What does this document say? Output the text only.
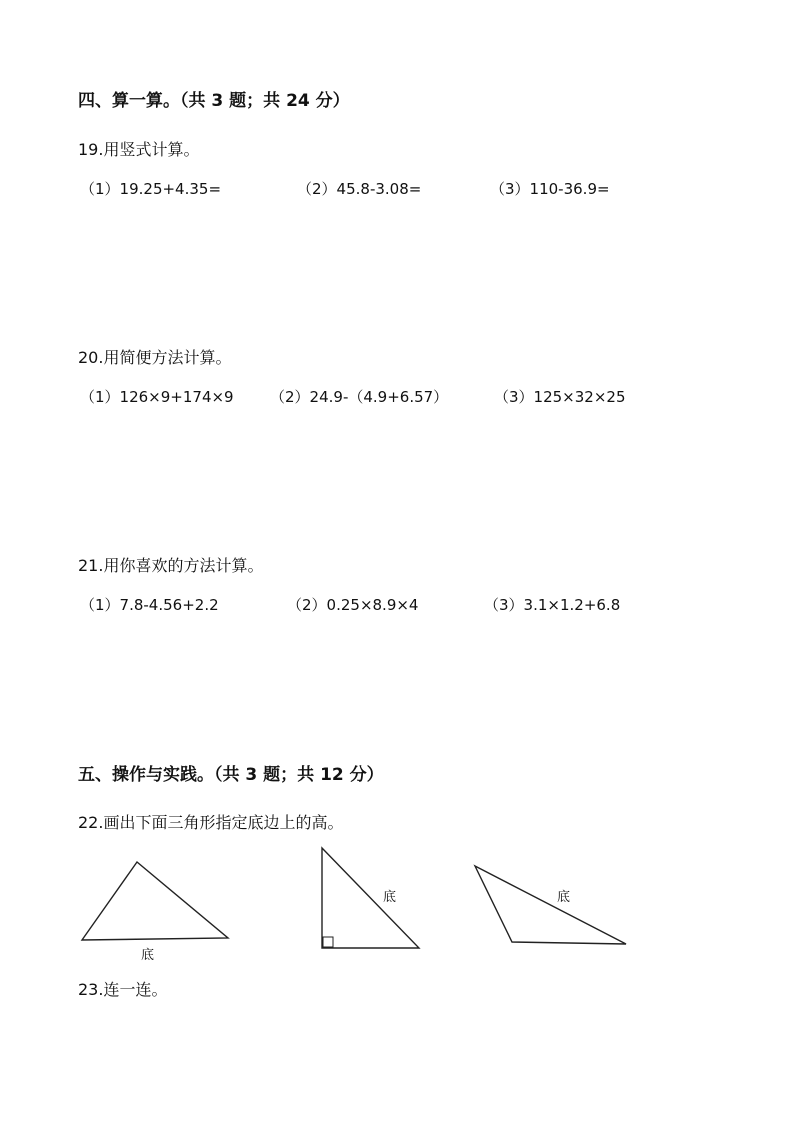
四、算一算。（共 3 题；共 24 分）
19.用竖式计算。
（1）19.25+4.35=	（2）45.8-3.08=	（3）110-36.9=
20.用简便方法计算。
（1）126×9+174×9 （2）24.9-（4.9+6.57）	（3）125×32×25
21.用你喜欢的方法计算。
（1）7.8-4.56+2.2	（2）0.25×8.9×4	（3）3.1×1.2+6.8
五、操作与实践。（共 3 题；共 12 分）
22.画出下面三角形指定底边上的高。
底
底	底
23.连一连。
